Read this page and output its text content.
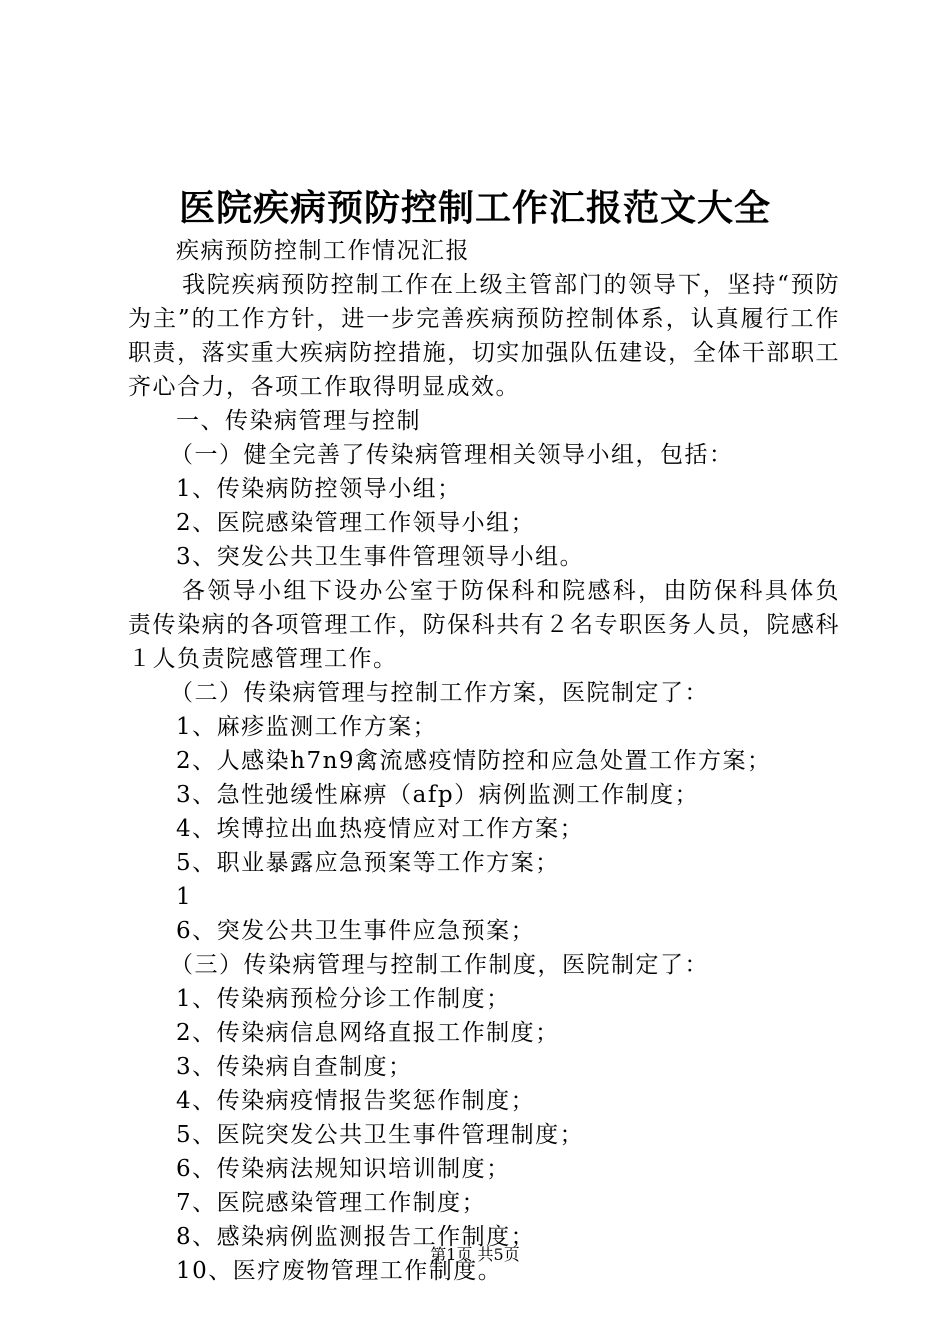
医院疾病预防控制工作汇报范文大全

疾病预防控制工作情况汇报

我院疾病预防控制工作在上级主管部门的领导下，坚持“预防为主”的工作方针，进一步完善疾病预防控制体系，认真履行工作职责，落实重大疾病防控措施，切实加强队伍建设，全体干部职工齐心合力，各项工作取得明显成效。

一、传染病管理与控制

（一）健全完善了传染病管理相关领导小组，包括：

1、传染病防控领导小组；

2、医院感染管理工作领导小组；

3、突发公共卫生事件管理领导小组。

各领导小组下设办公室于防保科和院感科，由防保科具体负责传染病的各项管理工作，防保科共有２名专职医务人员，院感科１人负责院感管理工作。

（二）传染病管理与控制工作方案，医院制定了：

1、麻疹监测工作方案；

2、人感染h7n9禽流感疫情防控和应急处置工作方案；

3、急性弛缓性麻痹（afp）病例监测工作制度；

4、埃博拉出血热疫情应对工作方案；

5、职业暴露应急预案等工作方案；

1

6、突发公共卫生事件应急预案；

（三）传染病管理与控制工作制度，医院制定了：

1、传染病预检分诊工作制度；

2、传染病信息网络直报工作制度；

3、传染病自查制度；

4、传染病疫情报告奖惩作制度；

5、医院突发公共卫生事件管理制度；

6、传染病法规知识培训制度；

7、医院感染管理工作制度；

8、感染病例监测报告工作制度；

10、医疗废物管理工作制度。

第1页 共5页
